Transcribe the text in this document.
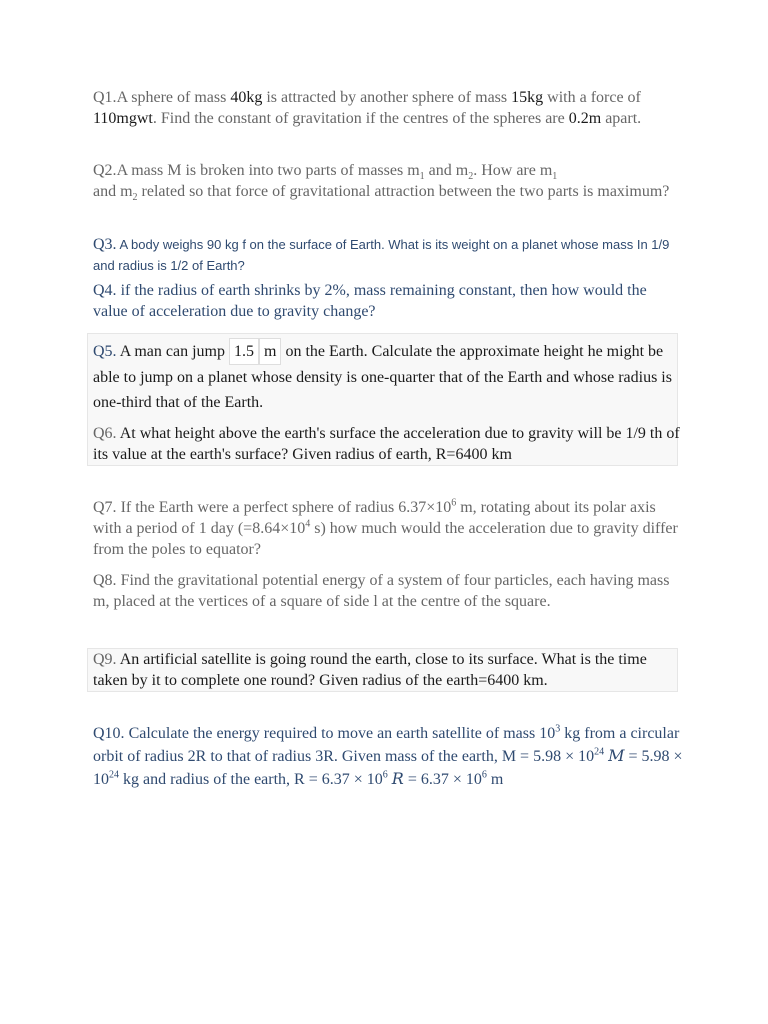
Q1.A sphere of mass 40kg is attracted by another sphere of mass 15kg with a force of 110mgwt. Find the constant of gravitation if the centres of the spheres are 0.2m apart.
Q2.A mass M is broken into two parts of masses $m_1$ and $m_2$. How are $m_1$
and $m_2$ related so that force of gravitational attraction between the two parts is maximum?
Q3. A body weighs 90 kg f on the surface of Earth. What is its weight on a planet whose mass In 1/9 and radius is 1/2 of Earth?
Q4. if the radius of earth shrinks by 2%, mass remaining constant, then how would the value of acceleration due to gravity change?
Q5. A man can jump 1.5 m on the Earth. Calculate the approximate height he might be able to jump on a planet whose density is one-quarter that of the Earth and whose radius is one-third that of the Earth.
Q6. At what height above the earth's surface the acceleration due to gravity will be 1/9 th of its value at the earth's surface? Given radius of earth, R=6400 km
Q7. If the Earth were a perfect sphere of radius $6.37\times 10^6$ m, rotating about its polar axis with a period of 1 day ($=8.64\times 10^4$ s) how much would the acceleration due to gravity differ from the poles to equator?
Q8. Find the gravitational potential energy of a system of four particles, each having mass m, placed at the vertices of a square of side l at the centre of the square.
Q9. An artificial satellite is going round the earth, close to its surface. What is the time taken by it to complete one round? Given radius of the earth=6400 km.
Q10. Calculate the energy required to move an earth satellite of mass $10^3$ kg from a circular orbit of radius 2R to that of radius 3R. Given mass of the earth, $M = 5.98 \times 10^{24}$ $M = 5.98 \times 10^{24}$ kg and radius of the earth, $R = 6.37 \times 10^6$ $R = 6.37 \times 10^6$ m
